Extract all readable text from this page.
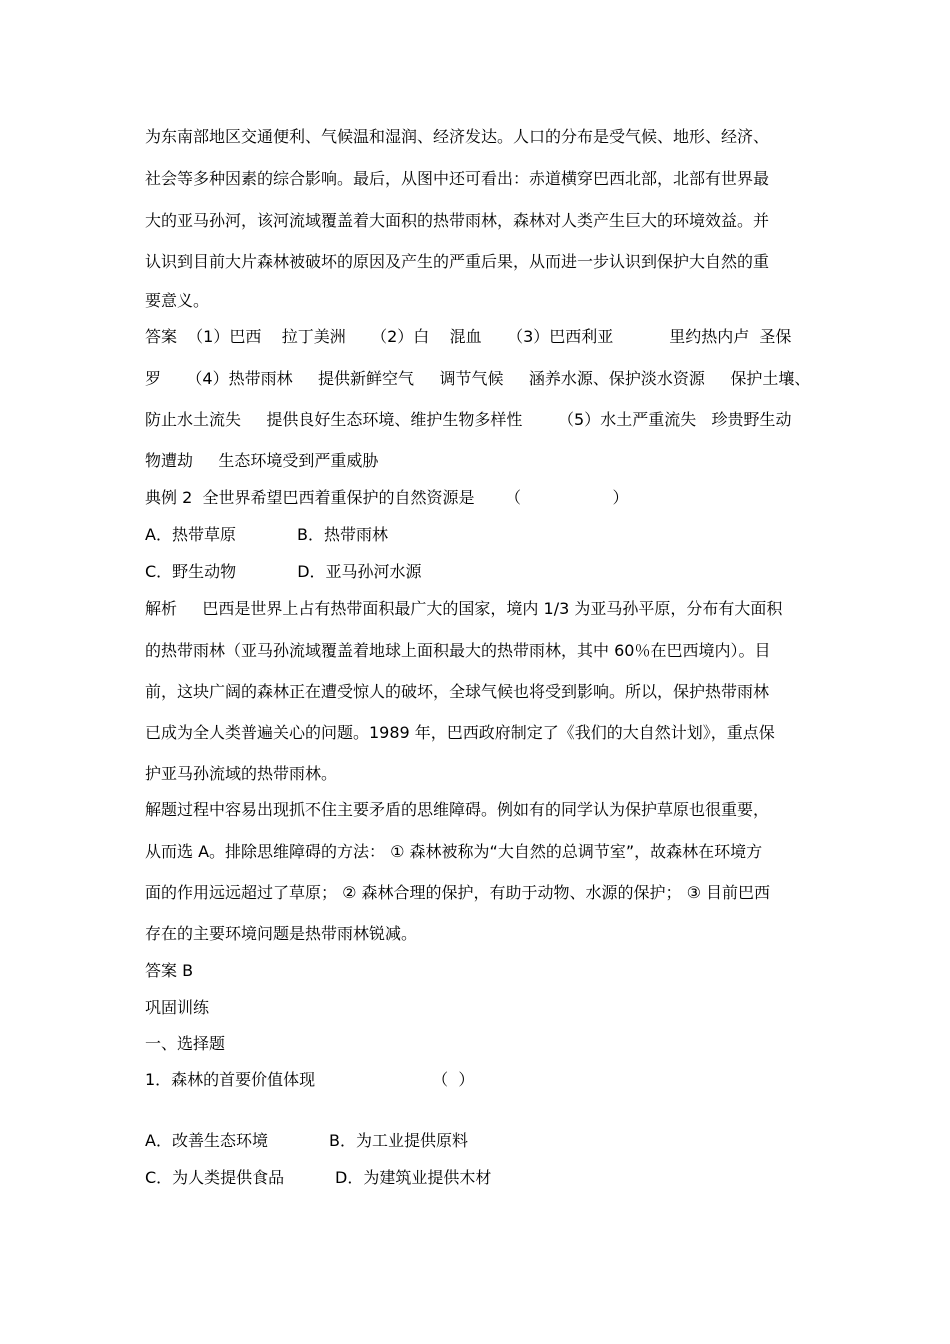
为东南部地区交通便利、气候温和湿润、经济发达。人口的分布是受气候、地形、经济、
社会等多种因素的综合影响。最后，从图中还可看出：赤道横穿巴西北部，北部有世界最
大的亚马孙河，该河流域覆盖着大面积的热带雨林，森林对人类产生巨大的环境效益。并
认识到目前大片森林被破坏的原因及产生的严重后果，从而进一步认识到保护大自然的重
要意义。
答案  （1）巴西    拉丁美洲     （2）白    混血     （3）巴西利亚           里约热内卢  圣保
罗     （4）热带雨林     提供新鲜空气     调节气候     涵养水源、保护淡水资源     保护土壤、
防止水土流失     提供良好生态环境、维护生物多样性       （5）水土严重流失   珍贵野生动
物遭劫     生态环境受到严重威胁
典例 2  全世界希望巴西着重保护的自然资源是      （                  ）
A．热带草原            B．热带雨林
C．野生动物            D．亚马孙河水源
解析     巴西是世界上占有热带面积最广大的国家，境内 1/3 为亚马孙平原，分布有大面积
的热带雨林（亚马孙流域覆盖着地球上面积最大的热带雨林，其中 60％在巴西境内）。目
前，这块广阔的森林正在遭受惊人的破坏，全球气候也将受到影响。所以，保护热带雨林
已成为全人类普遍关心的问题。1989 年，巴西政府制定了《我们的大自然计划》，重点保
护亚马孙流域的热带雨林。
解题过程中容易出现抓不住主要矛盾的思维障碍。例如有的同学认为保护草原也很重要，
从而选 A。排除思维障碍的方法： ① 森林被称为“大自然的总调节室”，故森林在环境方
面的作用远远超过了草原； ② 森林合理的保护，有助于动物、水源的保护； ③ 目前巴西
存在的主要环境问题是热带雨林锐减。
答案 B
巩固训练
一、选择题
1．森林的首要价值体现                       （  ）
A．改善生态环境            B．为工业提供原料
C．为人类提供食品          D．为建筑业提供木材
